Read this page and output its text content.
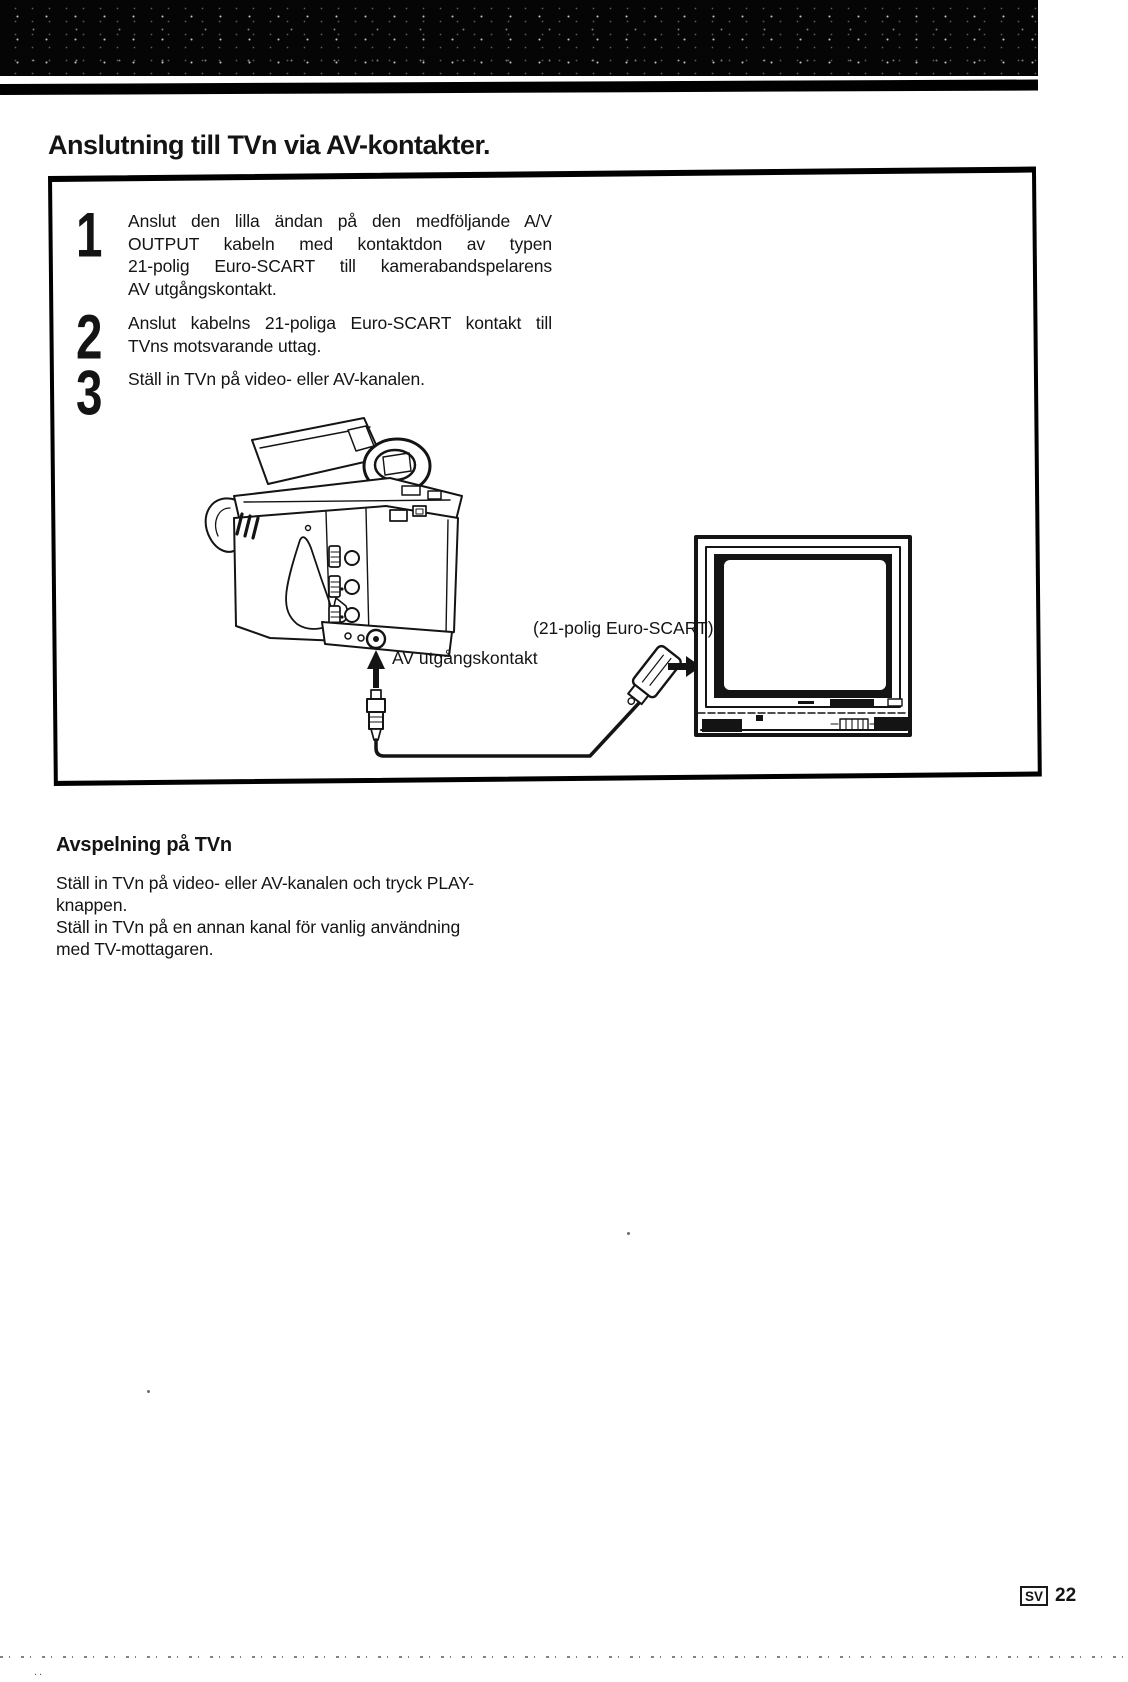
Anslutning till TVn via AV-kontakter.
1	Anslut den lilla ändan på den medföljande A/V
OUTPUT kabeln med kontaktdon av typen
21-polig Euro-SCART till kamerabandspelarens
AV utgångskontakt.
2	Anslut kabelns 21-poliga Euro-SCART kontakt till
TVns motsvarande uttag.
3	Ställ in TVn på video- eller AV-kanalen.
AV utgångskontakt
(21-polig Euro-SCART)
Avspelning på TVn
Ställ in TVn på video- eller AV-kanalen och tryck PLAY-
knappen.
Ställ in TVn på en annan kanal för vanlig användning
med TV-mottagaren.
SV 22
..
